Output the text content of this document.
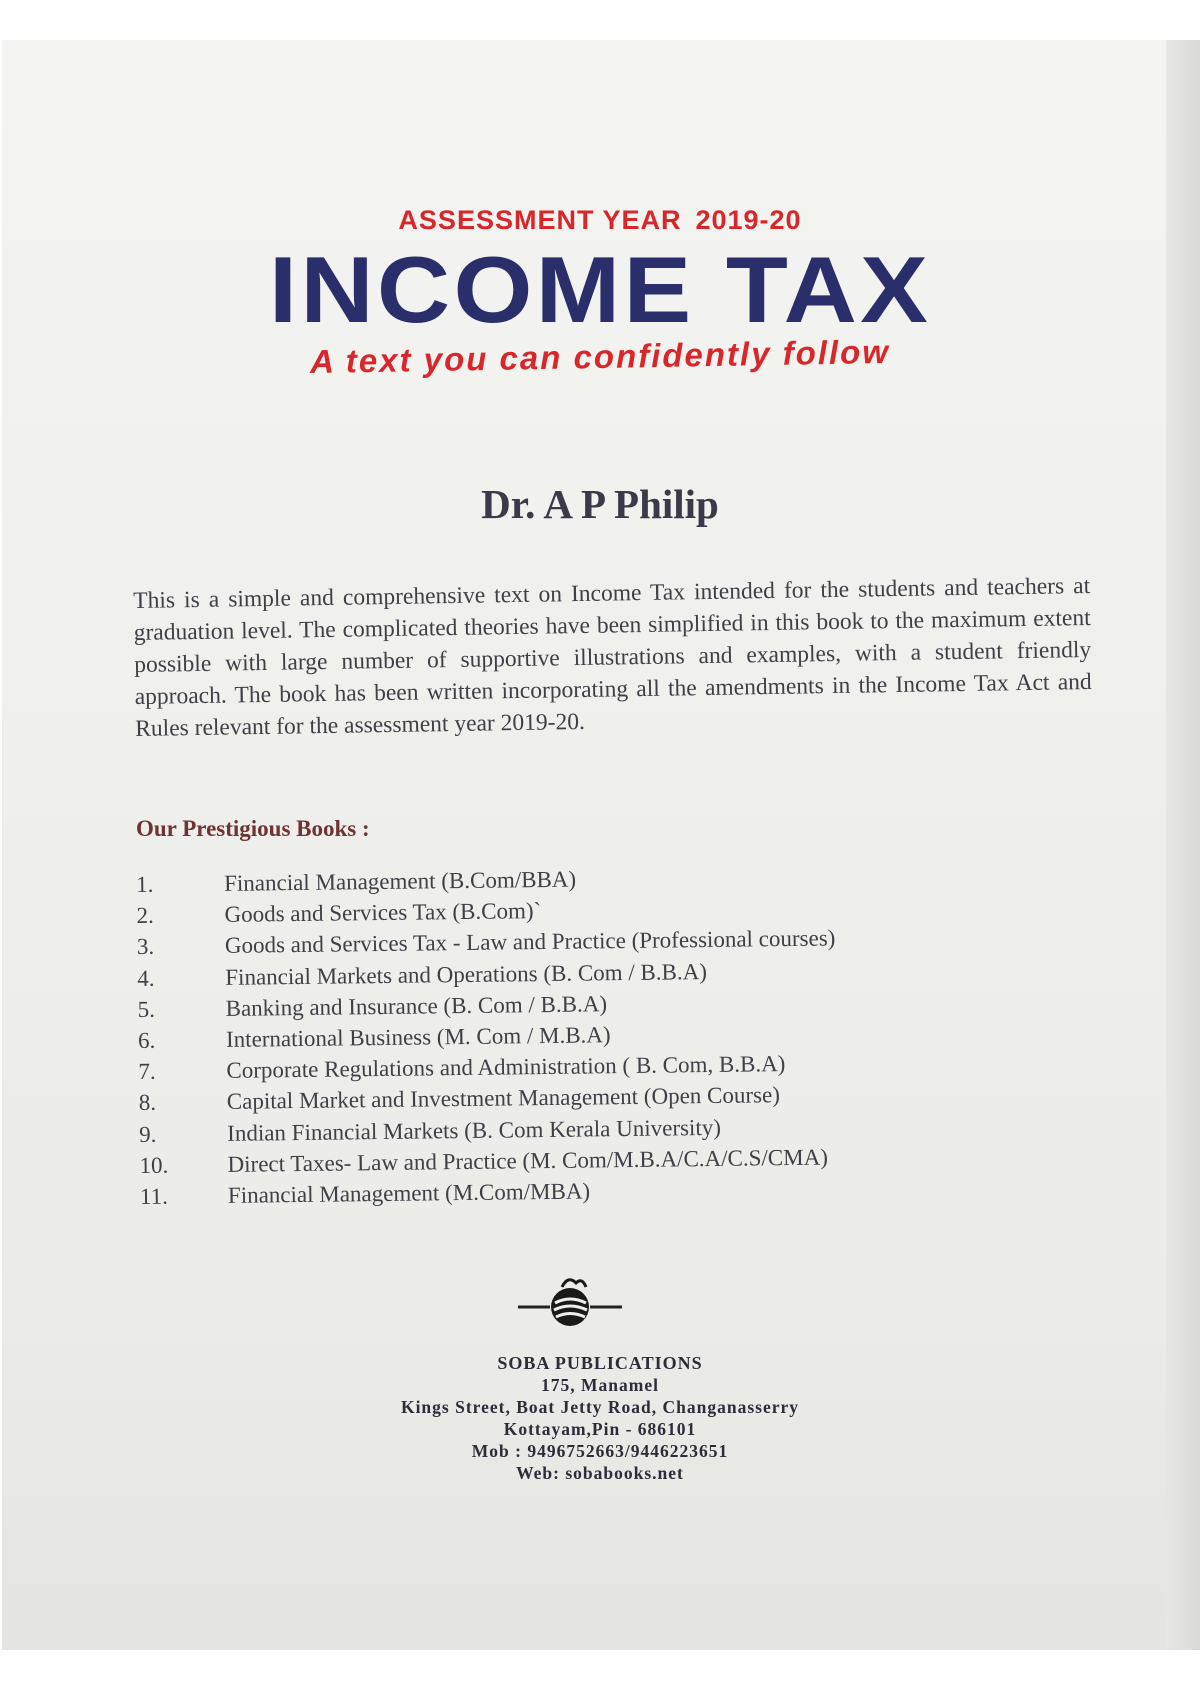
ASSESSMENT YEAR 2019-20
INCOME TAX
A text you can confidently follow
Dr. A P Philip
This is a simple and comprehensive text on Income Tax intended for the students and teachers at graduation level. The complicated theories have been simplified in this book to the maximum extent possible with large number of supportive illustrations and examples, with a student friendly approach. The book has been written incorporating all the amendments in the Income Tax Act and Rules relevant for the assessment year 2019-20.
Our Prestigious Books :
1.	Financial Management (B.Com/BBA)
2.	Goods and Services Tax (B.Com)`
3.	Goods and Services Tax - Law and Practice (Professional courses)
4.	Financial Markets and Operations (B. Com / B.B.A)
5.	Banking and Insurance (B. Com / B.B.A)
6.	International Business (M. Com / M.B.A)
7.	Corporate Regulations and Administration ( B. Com, B.B.A)
8.	Capital Market and Investment Management (Open Course)
9.	Indian Financial Markets (B. Com Kerala University)
10.	Direct Taxes- Law and Practice (M. Com/M.B.A/C.A/C.S/CMA)
11.	Financial Management (M.Com/MBA)
SOBA PUBLICATIONS
175, Manamel
Kings Street, Boat Jetty Road, Changanasserry
Kottayam,Pin - 686101
Mob : 9496752663/9446223651
Web: sobabooks.net
